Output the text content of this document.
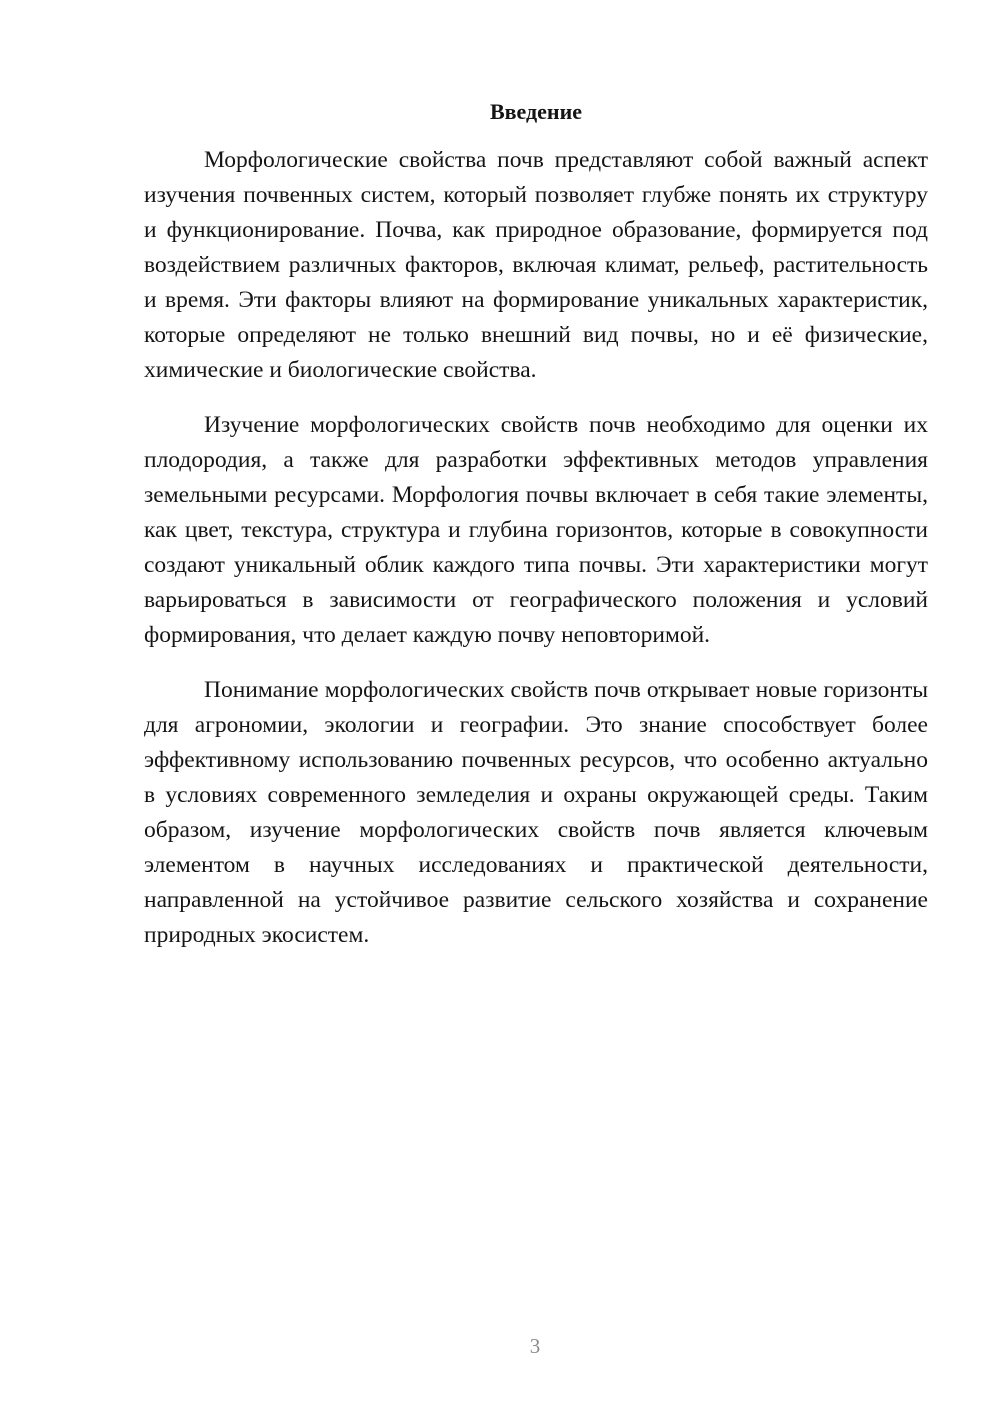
Введение

Морфологические свойства почв представляют собой важный аспект изучения почвенных систем, который позволяет глубже понять их структуру и функционирование. Почва, как природное образование, формируется под воздействием различных факторов, включая климат, рельеф, растительность и время. Эти факторы влияют на формирование уникальных характеристик, которые определяют не только внешний вид почвы, но и её физические, химические и биологические свойства.

Изучение морфологических свойств почв необходимо для оценки их плодородия, а также для разработки эффективных методов управления земельными ресурсами. Морфология почвы включает в себя такие элементы, как цвет, текстура, структура и глубина горизонтов, которые в совокупности создают уникальный облик каждого типа почвы. Эти характеристики могут варьироваться в зависимости от географического положения и условий формирования, что делает каждую почву неповторимой.

Понимание морфологических свойств почв открывает новые горизонты для агрономии, экологии и географии. Это знание способствует более эффективному использованию почвенных ресурсов, что особенно актуально в условиях современного земледелия и охраны окружающей среды. Таким образом, изучение морфологических свойств почв является ключевым элементом в научных исследованиях и практической деятельности, направленной на устойчивое развитие сельского хозяйства и сохранение природных экосистем.

3
